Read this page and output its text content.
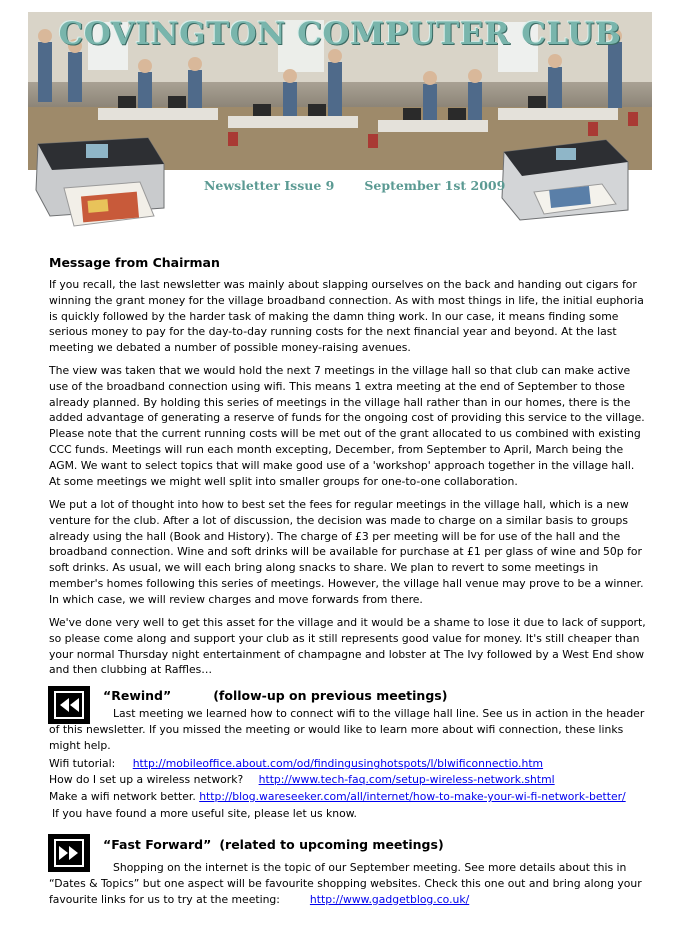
COVINGTON COMPUTER CLUB
Newsletter Issue 9 September 1st 2009
Message from Chairman

If you recall, the last newsletter was mainly about slapping ourselves on the back and handing out cigars for winning the grant money for the village broadband connection. As with most things in life, the initial euphoria is quickly followed by the harder task of making the damn thing work. In our case, it means finding some serious money to pay for the day-to-day running costs for the next financial year and beyond. At the last meeting we debated a number of possible money-raising avenues.

The view was taken that we would hold the next 7 meetings in the village hall so that club can make active use of the broadband connection using wifi. This means 1 extra meeting at the end of September to those already planned. By holding this series of meetings in the village hall rather than in our homes, there is the added advantage of generating a reserve of funds for the ongoing cost of providing this service to the village. Please note that the current running costs will be met out of the grant allocated to us combined with existing CCC funds. Meetings will run each month excepting, December, from September to April, March being the AGM. We want to select topics that will make good use of a 'workshop' approach together in the village hall. At some meetings we might well split into smaller groups for one-to-one collaboration.

We put a lot of thought into how to best set the fees for regular meetings in the village hall, which is a new venture for the club. After a lot of discussion, the decision was made to charge on a similar basis to groups already using the hall (Book and History). The charge of £3 per meeting will be for use of the hall and the broadband connection. Wine and soft drinks will be available for purchase at £1 per glass of wine and 50p for soft drinks. As usual, we will each bring along snacks to share. We plan to revert to some meetings in member's homes following this series of meetings. However, the village hall venue may prove to be a winner. In which case, we will review charges and move forwards from there.

We've done very well to get this asset for the village and it would be a shame to lose it due to lack of support, so please come along and support your club as it still represents good value for money. It's still cheaper than your normal Thursday night entertainment of champagne and lobster at The Ivy followed by a West End show and then clubbing at Raffles…

“Rewind”	(follow-up on previous meetings)

Last meeting we learned how to connect wifi to the village hall line. See us in action in the header of this newsletter. If you missed the meeting or would like to learn more about wifi connection, these links might help.

Wifi tutorial: http://mobileoffice.about.com/od/findingusinghotspots/l/blwificonnectio.htm
How do I set up a wireless network? http://www.tech-faq.com/setup-wireless-network.shtml
Make a wifi network better. http://blog.wareseeker.com/all/internet/how-to-make-your-wi-fi-network-better/
If you have found a more useful site, please let us know.
“Fast Forward” (related to upcoming meetings)

Shopping on the internet is the topic of our September meeting. See more details about this in “Dates & Topics” but one aspect will be favourite shopping websites. Check this one out and bring along your favourite links for us to try at the meeting:	http://www.gadgetblog.co.uk/
